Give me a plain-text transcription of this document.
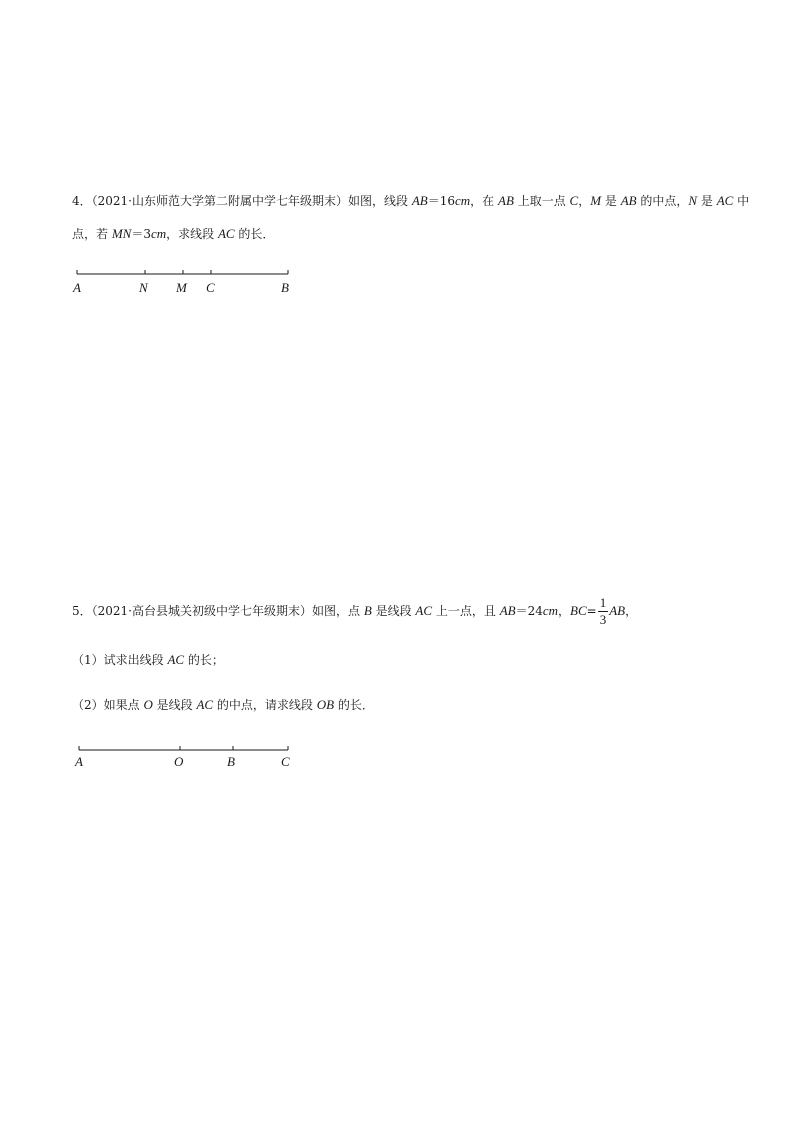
4．（2021·山东师范大学第二附属中学七年级期末）如图，线段 AB＝16cm，在 AB 上取一点 C，M 是 AB 的中点，N 是 AC 中
点，若 MN＝3cm，求线段 AC 的长．
A	N M C	B
A	O	B	C
5．（2021·高台县城关初级中学七年级期末）如图，点 B 是线段 AC 上一点，且 AB＝24cm，$BC= \frac{1}{3}$ AB，
（1）试求出线段 AC 的长；
（2）如果点 O 是线段 AC 的中点，请求线段 OB 的长．
